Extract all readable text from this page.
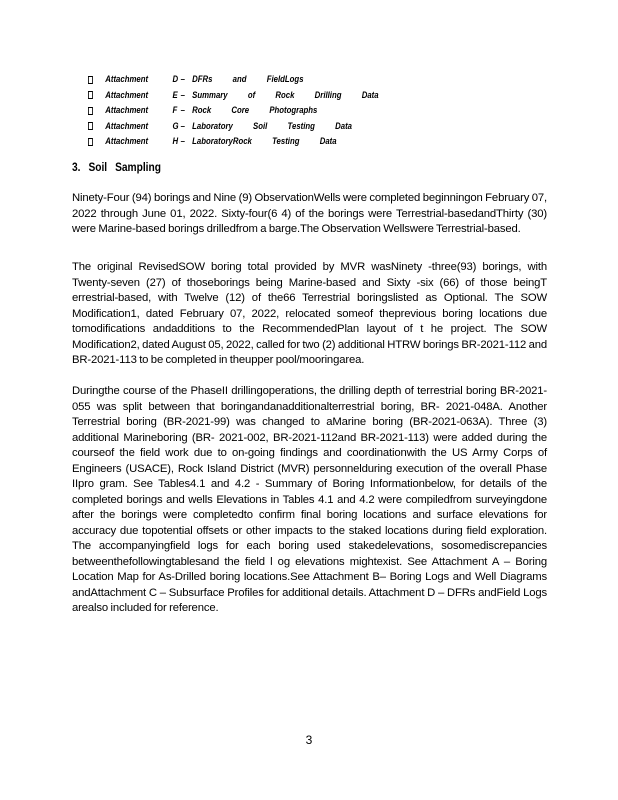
Attachment	D – DFRs and FieldLogs
Attachment	E – Summary of Rock Drilling Data
Attachment	F – Rock Core Photographs
Attachment	G – Laboratory Soil Testing Data
Attachment	H – LaboratoryRock Testing Data
3. Soil Sampling

Ninety-Four (94) borings and Nine (9) ObservationWells were completed beginningon February 07, 2022 through June 01, 2022. Sixty-four(6 4) of the borings were Terrestrial-basedandThirty (30) were Marine-based borings drilledfrom a barge.The Observation Wellswere Terrestrial-based.

The original RevisedSOW boring total provided by MVR wasNinety -three(93) borings, with Twenty-seven (27) of thoseborings being Marine-based and Sixty -six (66) of those beingT errestrial-based, with Twelve (12) of the66 Terrestrial boringslisted as Optional. The SOW Modification1, dated February 07, 2022, relocated someof theprevious boring locations due tomodifications andadditions to the RecommendedPlan layout of t he project. The SOW Modification2, dated August 05, 2022, called for two (2) additional HTRW borings BR-2021-112 and BR-2021-113 to be completed in theupper pool/mooringarea.

Duringthe course of the PhaseII drillingoperations, the drilling depth of terrestrial boring BR-2021-055 was split between that boringandanadditionalterrestrial boring, BR- 2021-048A. Another Terrestrial boring (BR-2021-99) was changed to aMarine boring (BR-2021-063A). Three (3) additional Marineboring (BR- 2021-002, BR-2021-112and BR-2021-113) were added during the courseof the field work due to on-going findings and coordinationwith the US Army Corps of Engineers (USACE), Rock Island District (MVR) personnelduring execution of the overall Phase IIpro gram. See Tables4.1 and 4.2 - Summary of Boring Informationbelow, for details of the completed borings and wells Elevations in Tables 4.1 and 4.2 were compiledfrom surveyingdone after the borings were completedto confirm final boring locations and surface elevations for accuracy due topotential offsets or other impacts to the staked locations during field exploration. The accompanyingfield logs for each boring used stakedelevations, sosomediscrepancies betweenthefollowingtablesand the field l og elevations mightexist. See Attachment A – Boring Location Map for As-Drilled boring locations.See Attachment B– Boring Logs and Well Diagrams andAttachment C – Subsurface Profiles for additional details. Attachment D – DFRs andField Logs arealso included for reference.

3
